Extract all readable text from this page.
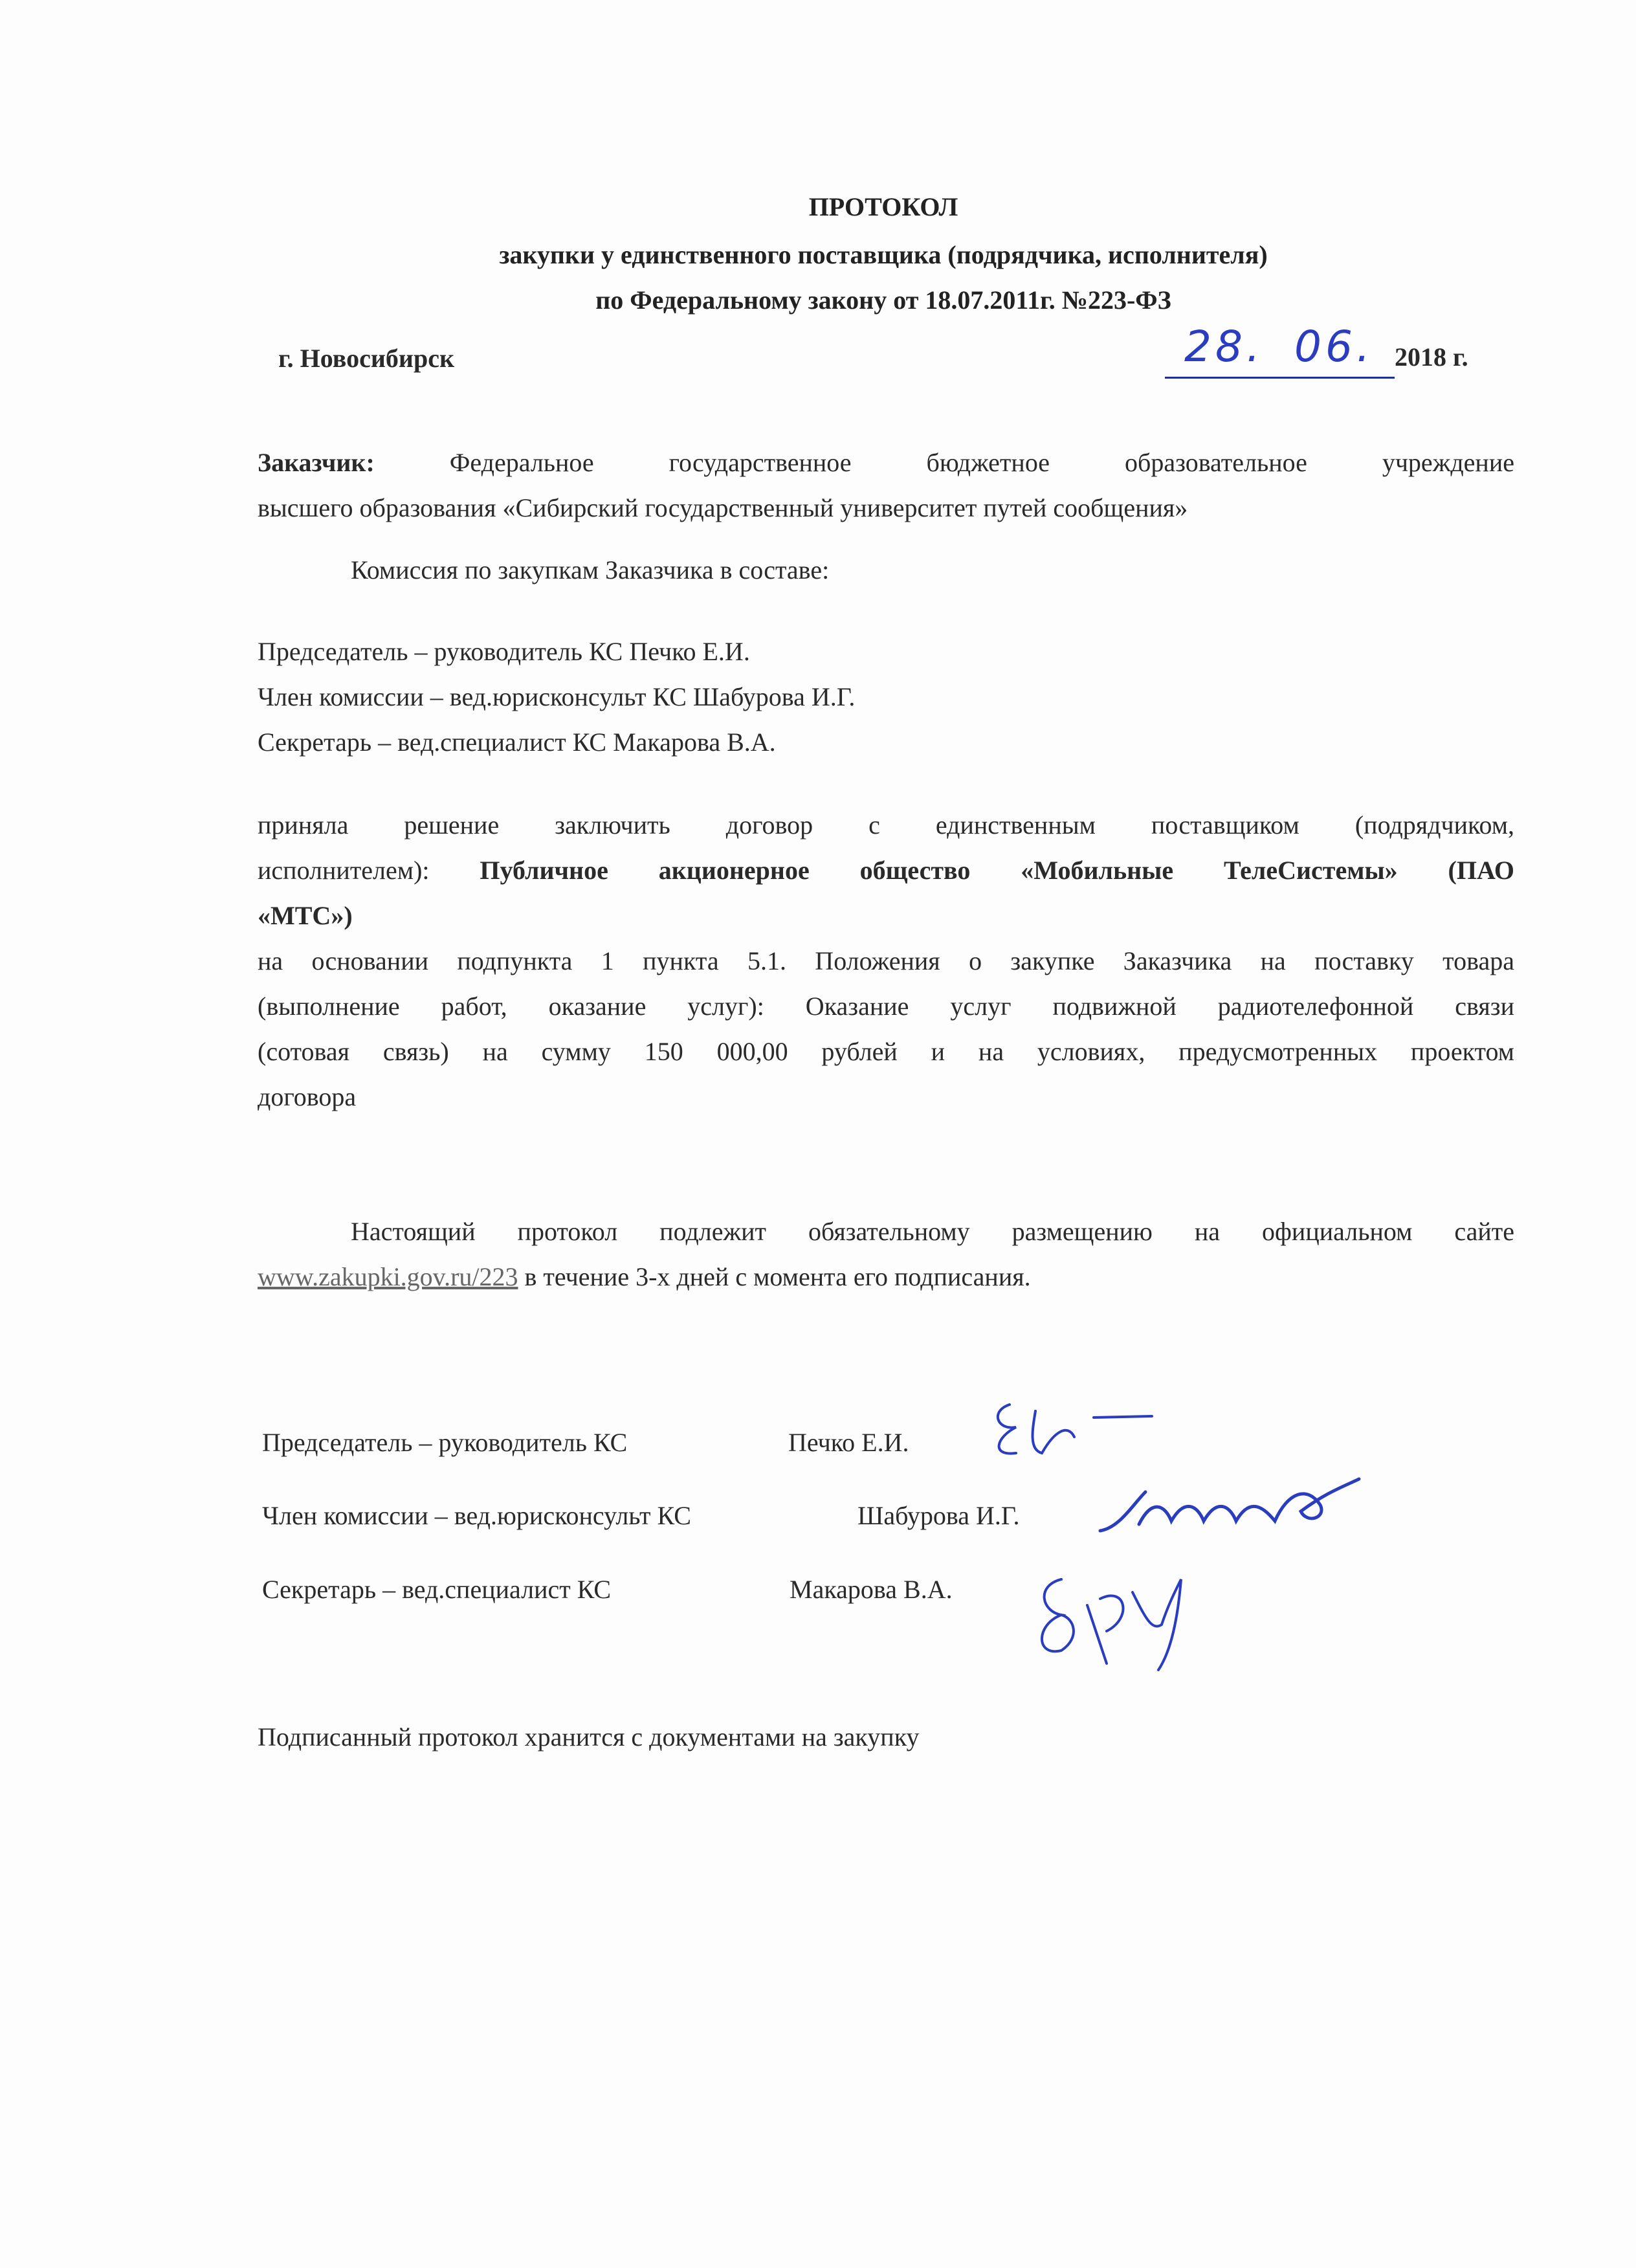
ПРОТОКОЛ
закупки у единственного поставщика (подрядчика, исполнителя)
по Федеральному закону от 18.07.2011г. №223-ФЗ
г. Новосибирск	28. 06. 2018 г.
Заказчик:	Федеральное государственное бюджетное образовательное учреждение
высшего образования «Сибирский государственный университет путей сообщения»
Комиссия по закупкам Заказчика в составе:
Председатель – руководитель КС Печко Е.И.
Член комиссии – вед.юрисконсульт КС Шабурова И.Г.
Секретарь – вед.специалист КС Макарова В.А.
приняла решение заключить договор с единственным поставщиком (подрядчиком,
исполнителем): Публичное акционерное общество «Мобильные ТелеСистемы» (ПАО
«МТС»)
на основании подпункта 1 пункта 5.1. Положения о закупке Заказчика на поставку товара
(выполнение работ, оказание услуг): Оказание услуг подвижной радиотелефонной связи
(сотовая связь) на сумму 150 000,00 рублей и на условиях, предусмотренных проектом
договора
Настоящий протокол подлежит обязательному размещению на официальном сайте
www.zakupki.gov.ru/223 в течение 3-х дней с момента его подписания.
Председатель – руководитель КС	Печко Е.И.
Член комиссии – вед.юрисконсульт КС	Шабурова И.Г.
Секретарь – вед.специалист КС	Макарова В.А.
Подписанный протокол хранится с документами на закупку
